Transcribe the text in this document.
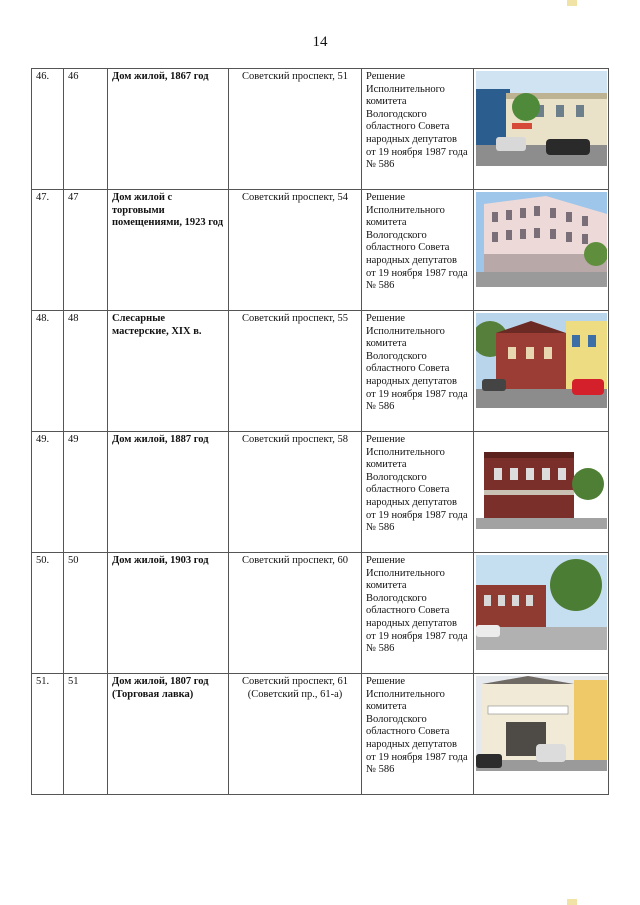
14
46.	46	Дом жилой, 1867 год	Советский проспект, 51	Решение Исполнительного комитета Вологодского областного Совета народных депутатов от 19 ноября 1987 года № 586	

47.	47	Дом жилой с торговыми помещениями, 1923 год	Советский проспект, 54	Решение Исполнительного комитета Вологодского областного Совета народных депутатов от 19 ноября 1987 года № 586	

48.	48	Слесарные мастерские, XIX в.	Советский проспект, 55	Решение Исполнительного комитета Вологодского областного Совета народных депутатов от 19 ноября 1987 года № 586	

49.	49	Дом жилой, 1887 год	Советский проспект, 58	Решение Исполнительного комитета Вологодского областного Совета народных депутатов от 19 ноября 1987 года № 586	

50.	50	Дом жилой, 1903 год	Советский проспект, 60	Решение Исполнительного комитета Вологодского областного Совета народных депутатов от 19 ноября 1987 года № 586	

51.	51	Дом жилой, 1807 год (Торговая лавка)	Советский проспект, 61 (Советский пр., 61-а)	Решение Исполнительного комитета Вологодского областного Совета народных депутатов от 19 ноября 1987 года № 586	
